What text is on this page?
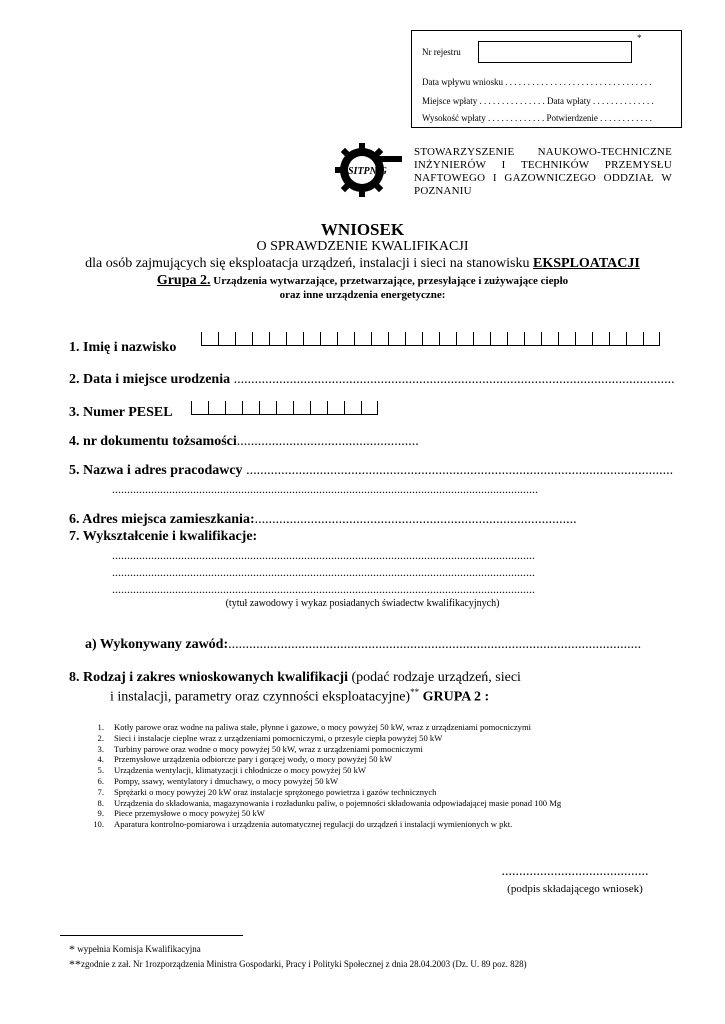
*
Nr rejestru
Data wpływu wniosku . . . . . . . . . . . . . . . . . . . . . . . . . . . . . . . . .
Miejsce wpłaty . . . . . . . . . . . . . . . Data wpłaty . . . . . . . . . . . . . .
Wysokość wpłaty . . . . . . . . . . . . . Potwierdzenie . . . . . . . . . . . .
SITPNiG
STOWARZYSZENIE NAUKOWO-TECHNICZNE INŻYNIERÓW I TECHNIKÓW PRZEMYSŁU NAFTOWEGO I GAZOWNICZEGO ODDZIAŁ W POZNANIU
WNIOSEK
O SPRAWDZENIE KWALIFIKACJI
dla osób zajmujących się eksploatacja urządzeń, instalacji i sieci na stanowisku EKSPLOATACJI
Grupa 2. Urządzenia wytwarzające, przetwarzające, przesyłające i zużywające ciepło
oraz inne urządzenia energetyczne:
1. Imię i nazwisko
2. Data i miejsce urodzenia ..............................................................................................................................
3. Numer PESEL
4. nr dokumentu tożsamości....................................................
5. Nazwa i adres pracodawcy ..........................................................................................................................
..............................................................................................................................................
6. Adres miejsca zamieszkania:............................................................................................
7. Wykształcenie i kwalifikacje:
.............................................................................................................................................
.............................................................................................................................................
.............................................................................................................................................
(tytuł zawodowy i wykaz posiadanych świadectw kwalifikacyjnych)
a) Wykonywany zawód:......................................................................................................................
8. Rodzaj i zakres wnioskowanych kwalifikacji (podać rodzaje urządzeń, sieci
i instalacji, parametry oraz czynności eksploatacyjne)** GRUPA 2 :
1.	Kotły parowe oraz wodne na paliwa stałe, płynne i gazowe, o mocy powyżej 50 kW, wraz z urządzeniami pomocniczymi
2.	Sieci i instalacje cieplne wraz z urządzeniami pomocniczymi, o przesyle ciepła powyżej 50 kW
3.	Turbiny parowe oraz wodne o mocy powyżej 50 kW, wraz z urządzeniami pomocniczymi
4.	Przemysłowe urządzenia odbiorcze pary i gorącej wody, o mocy powyżej 50 kW
5.	Urządzenia wentylacji, klimatyzacji i chłodnicze o mocy powyżej 50 kW
6.	Pompy, ssawy, wentylatory i dmuchawy, o mocy powyżej 50 kW
7.	Sprężarki o mocy powyżej 20 kW oraz instalacje sprężonego powietrza i gazów technicznych
8.	Urządzenia do składowania, magazynowania i rozładunku paliw, o pojemności składowania odpowiadającej masie ponad 100 Mg
9.	Piece przemysłowe o mocy powyżej 50 kW
10.	Aparatura kontrolno-pomiarowa i urządzenia automatycznej regulacji do urządzeń i instalacji wymienionych w pkt.
..........................................
(podpis składającego wniosek)
* wypełnia Komisja Kwalifikacyjna
**zgodnie z zał. Nr 1rozporządzenia Ministra Gospodarki, Pracy i Polityki Społecznej z dnia 28.04.2003 (Dz. U. 89 poz. 828)
